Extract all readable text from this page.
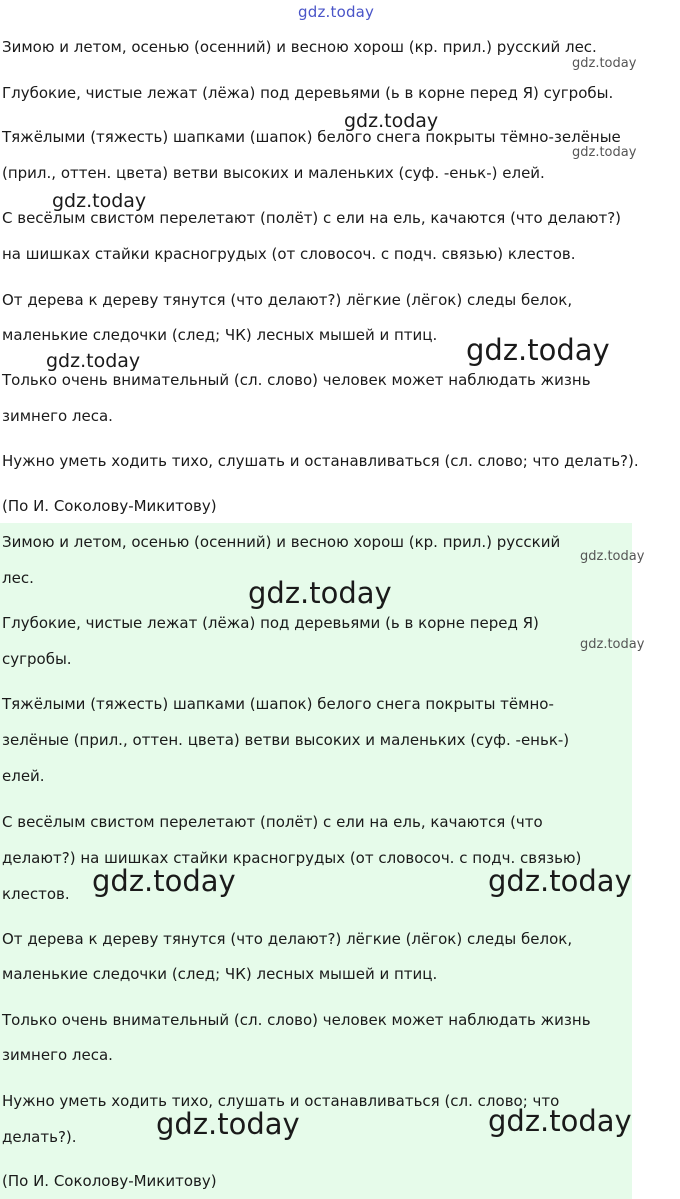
gdz.today
Зимою и летом, осенью (осенний) и весною хорош (кр. прил.) русский лес.
Глубокие, чистые лежат (лёжа) под деревьями (ь в корне перед Я) сугробы.
Тяжёлыми (тяжесть) шапками (шапок) белого снега покрыты тёмно-зелёные
(прил., оттен. цвета) ветви высоких и маленьких (суф. -еньк-) елей.
С весёлым свистом перелетают (полёт) с ели на ель, качаются (что делают?)
на шишках стайки красногрудых (от словосоч. с подч. связью) клестов.
От дерева к дереву тянутся (что делают?) лёгкие (лёгок) следы белок,
маленькие следочки (след; ЧК) лесных мышей и птиц.
Только очень внимательный (сл. слово) человек может наблюдать жизнь
зимнего леса.
Нужно уметь ходить тихо, слушать и останавливаться (сл. слово; что делать?).
(По И. Соколову-Микитову)
gdz.today
gdz.today
gdz.today
gdz.today
gdz.today	gdz.today
Зимою и летом, осенью (осенний) и весною хорош (кр. прил.) русский
лес.
Глубокие, чистые лежат (лёжа) под деревьями (ь в корне перед Я)
сугробы.
Тяжёлыми (тяжесть) шапками (шапок) белого снега покрыты тёмно-
зелёные (прил., оттен. цвета) ветви высоких и маленьких (суф. -еньк-)
елей.
С весёлым свистом перелетают (полёт) с ели на ель, качаются (что
делают?) на шишках стайки красногрудых (от словосоч. с подч. связью)
клестов.
От дерева к дереву тянутся (что делают?) лёгкие (лёгок) следы белок,
маленькие следочки (след; ЧК) лесных мышей и птиц.
Только очень внимательный (сл. слово) человек может наблюдать жизнь
зимнего леса.
Нужно уметь ходить тихо, слушать и останавливаться (сл. слово; что
делать?).
(По И. Соколову-Микитову)
gdz.today
gdz.today
gdz.today
gdz.today	gdz.today
gdz.today	gdz.today
